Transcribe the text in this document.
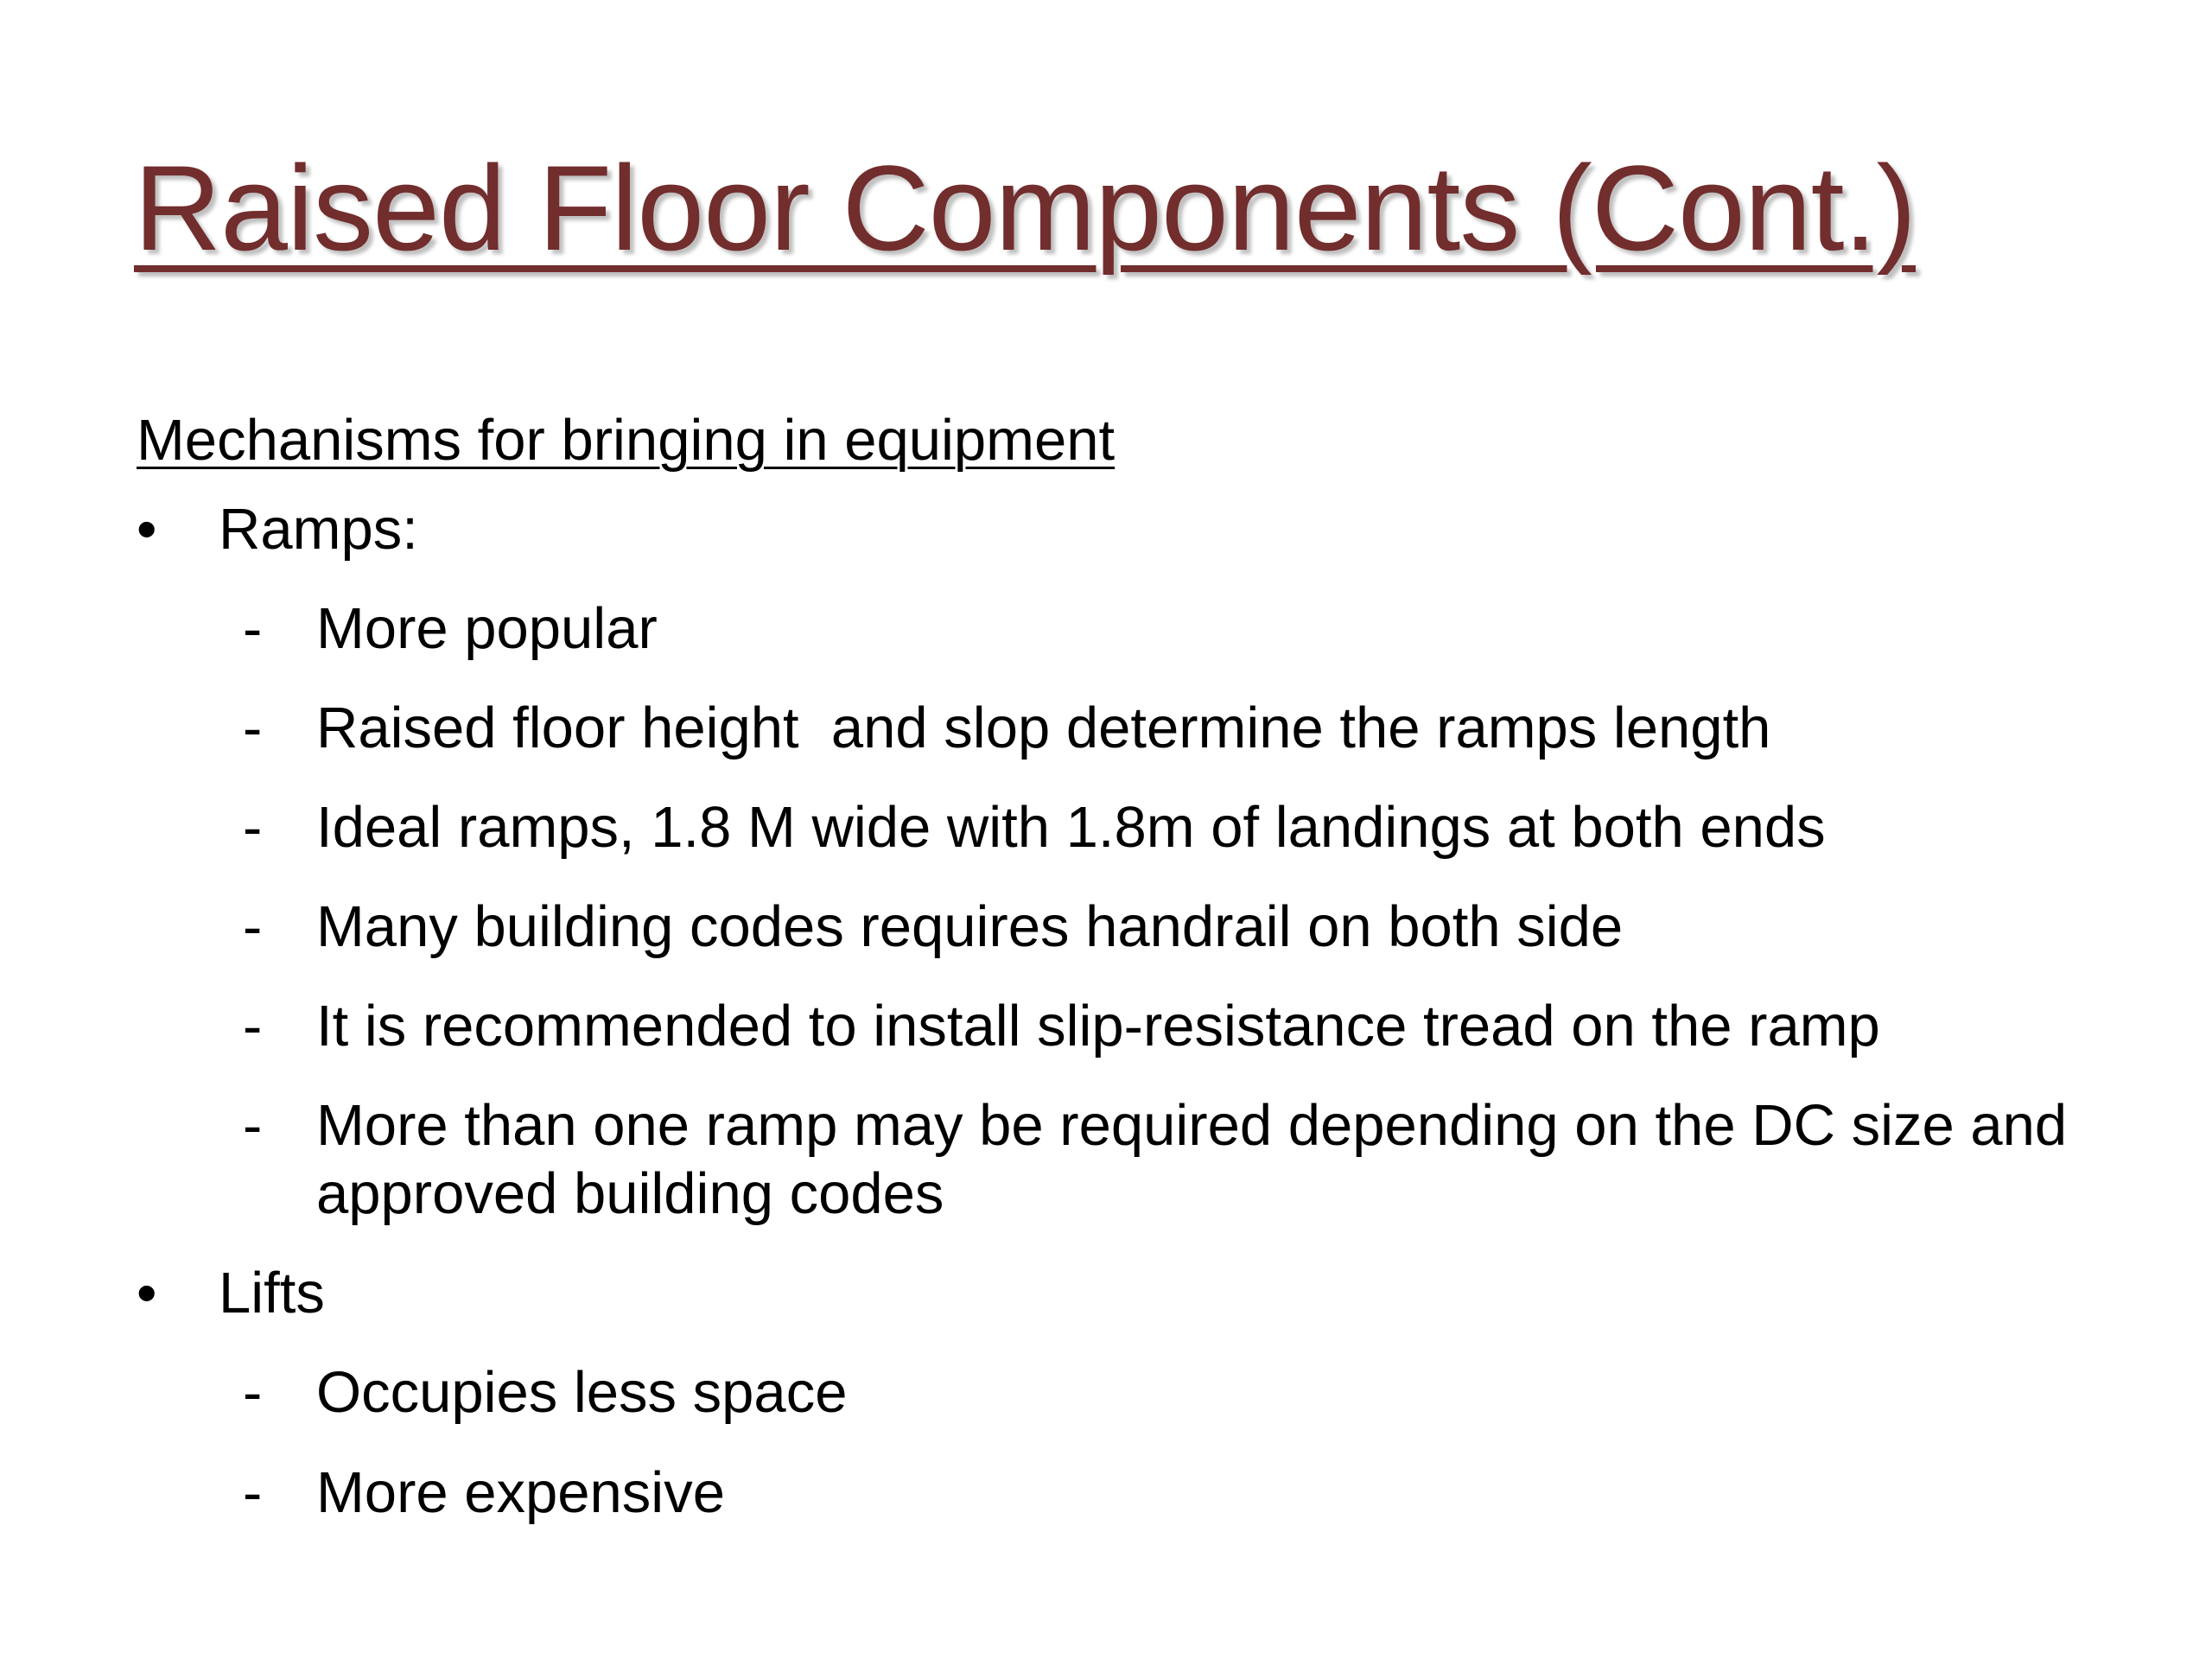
Raised Floor Components (Cont.)
Mechanisms for bringing in equipment
•	Ramps:
- More popular
- Raised floor height  and slop determine the ramps length
- Ideal ramps, 1.8 M wide with 1.8m of landings at both ends
- Many building codes requires handrail on both side
- It is recommended to install slip-resistance tread on the ramp
- More than one ramp may be required depending on the DC size and approved building codes
•	Lifts
- Occupies less space
- More expensive
